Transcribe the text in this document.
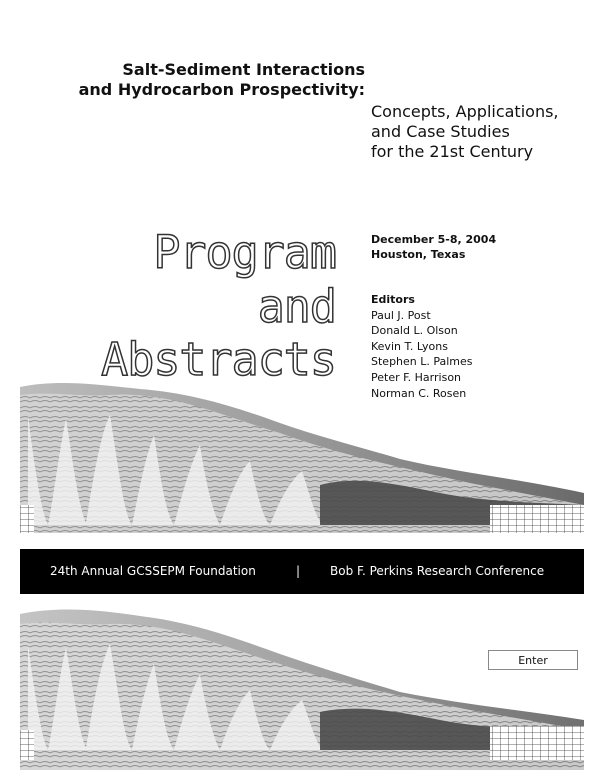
Salt-Sediment Interactions
and Hydrocarbon Prospectivity:
Concepts, Applications,
and Case Studies
for the 21st Century
Program
and
Abstracts
December 5-8, 2004
Houston, Texas
Editors
Paul J. Post
Donald L. Olson
Kevin T. Lyons
Stephen L. Palmes
Peter F. Harrison
Norman C. Rosen
24th Annual GCSSEPM Foundation	| Bob F. Perkins Research Conference
Enter
